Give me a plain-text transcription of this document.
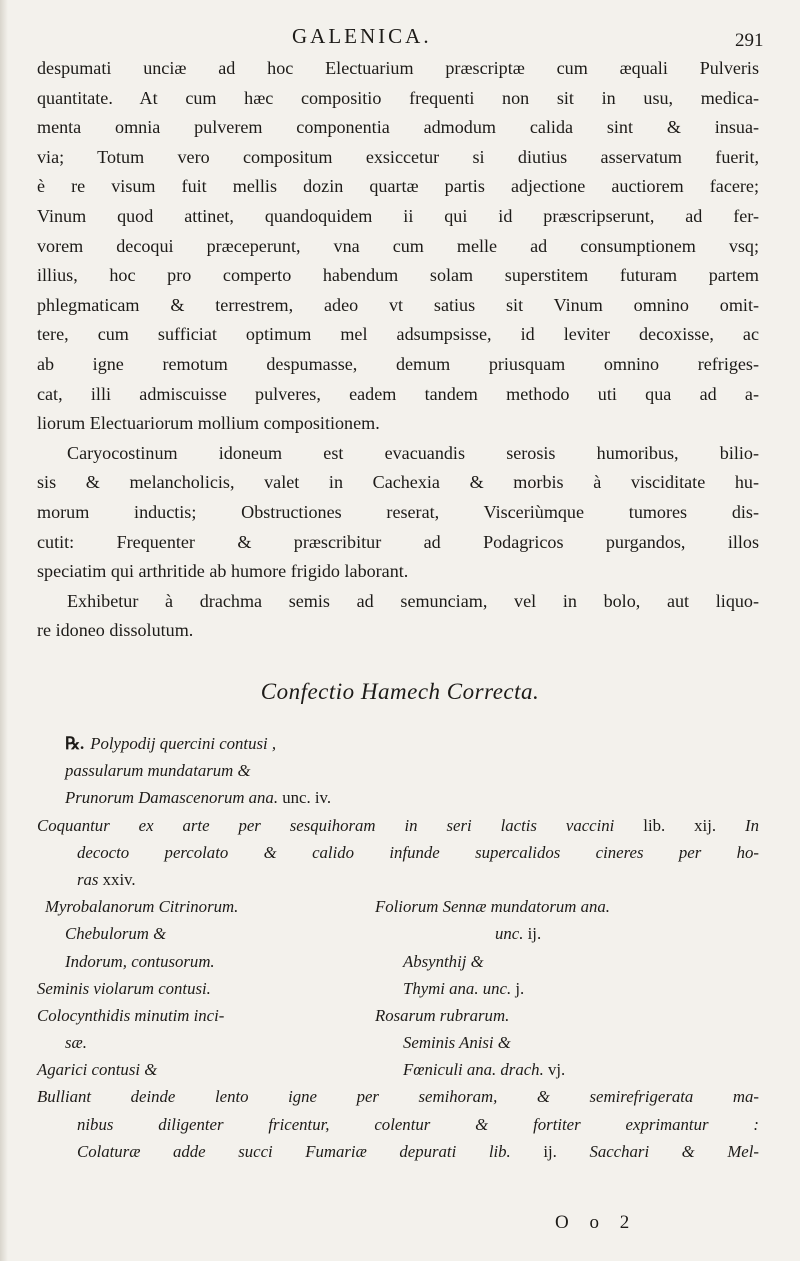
GALENICA.	291
despumati unciæ ad hoc Electuarium præscriptæ cum æquali Pulveris
quantitate. At cum hæc compositio frequenti non sit in usu, medica-
menta omnia pulverem componentia admodum calida sint & insua-
via; Totum vero compositum exsiccetur si diutius asservatum fuerit,
è re visum fuit mellis dozin quartæ partis adjectione auctiorem facere;
Vinum quod attinet, quandoquidem ii qui id præscripserunt, ad fer-
vorem decoqui præceperunt, vna cum melle ad consumptionem vsq;
illius, hoc pro comperto habendum solam superstitem futuram partem
phlegmaticam & terrestrem, adeo vt satius sit Vinum omnino omit-
tere, cum sufficiat optimum mel adsumpsisse, id leviter decoxisse, ac
ab igne remotum despumasse, demum priusquam omnino refriges-
cat, illi admiscuisse pulveres, eadem tandem methodo uti qua ad a-
liorum Electuariorum mollium compositionem.
Caryocostinum idoneum est evacuandis serosis humoribus, bilio-
sis & melancholicis, valet in Cachexia & morbis à visciditate hu-
morum inductis; Obstructiones reserat, Visceriùmque tumores dis-
cutit: Frequenter & præscribitur ad Podagricos purgandos, illos
speciatim qui arthritide ab humore frigido laborant.
Exhibetur à drachma semis ad semunciam, vel in bolo, aut liquo-
re idoneo dissolutum.
Confectio Hamech Correcta.
℞. Polypodij quercini contusi ,
passularum mundatarum &
Prunorum Damascenorum ana. unc. iv.
Coquantur ex arte per sesquihoram in seri lactis vaccini lib. xij. In
decocto percolato & calido infunde supercalidos cineres per ho-
ras xxiv.
Myrobalanorum Citrinorum.
Chebulorum &
Indorum, contusorum.
Seminis violarum contusi.
Colocynthidis minutim inci-
sæ.
Agarici contusi &
Foliorum Sennæ mundatorum ana.
unc. ij.
Absynthij &
Thymi ana. unc. j.
Rosarum rubrarum.
Seminis Anisi &
Fœniculi ana. drach. vj.
Bulliant deinde lento igne per semihoram, & semirefrigerata ma-
nibus diligenter fricentur, colentur & fortiter exprimantur :
Colaturæ adde succi Fumariæ depurati lib. ij. Sacchari & Mel-
O o 2
